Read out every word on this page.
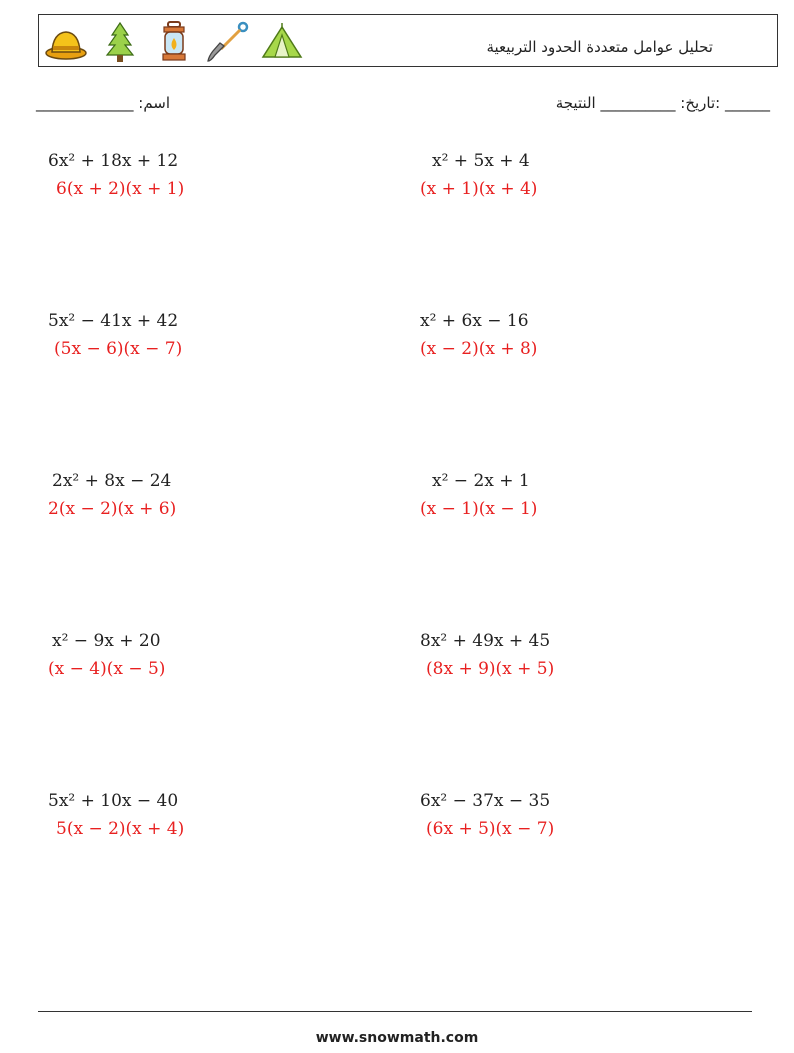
تحليل عوامل متعددة الحدود التربيعية
______ :تاريخ: __________ النتيجة
اسم: _____________
6x² + 18x + 12
6(x + 2)(x + 1)
x² + 5x + 4
(x + 1)(x + 4)
5x² − 41x + 42
(5x − 6)(x − 7)
x² + 6x − 16
(x − 2)(x + 8)
2x² + 8x − 24
2(x − 2)(x + 6)
x² − 2x + 1
(x − 1)(x − 1)
x² − 9x + 20
(x − 4)(x − 5)
8x² + 49x + 45
(8x + 9)(x + 5)
5x² + 10x − 40
5(x − 2)(x + 4)
6x² − 37x − 35
(6x + 5)(x − 7)
www.snowmath.com
